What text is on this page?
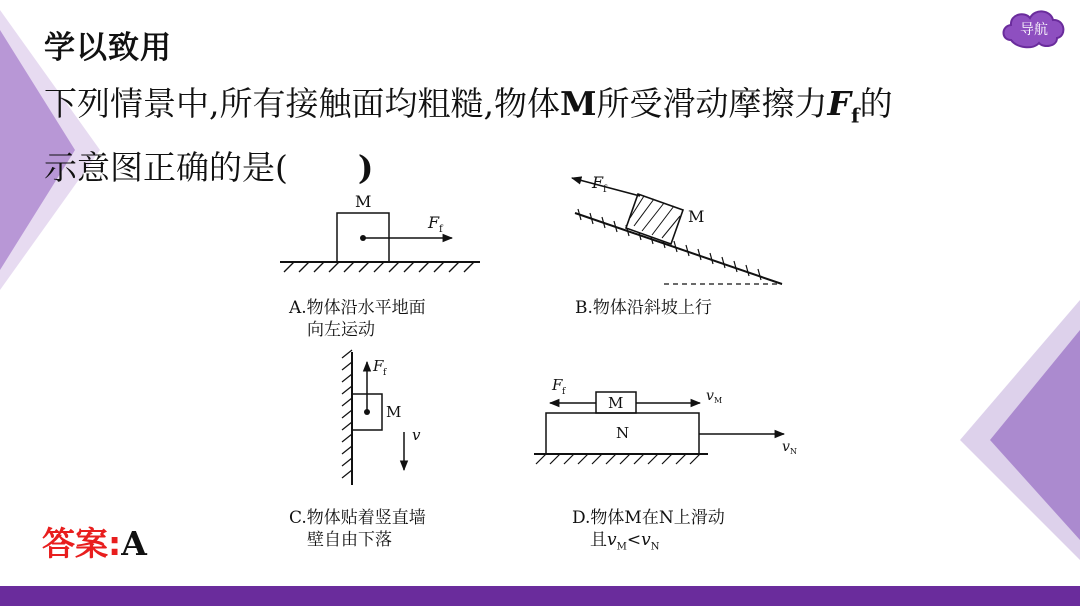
学以致用	导航
下列情景中,所有接触面均粗糙,物体M所受滑动摩擦力$F_f$的
示意图正确的是( )
M
F f
F f
M
F f
M
v
M
N
F f	v M
v N
A.物体沿水平地面
向左运动
B.物体沿斜坡上行
C.物体贴着竖直墙
壁自由下落
D.物体M在N上滑动
且$v_M<v_N$
答案:A
